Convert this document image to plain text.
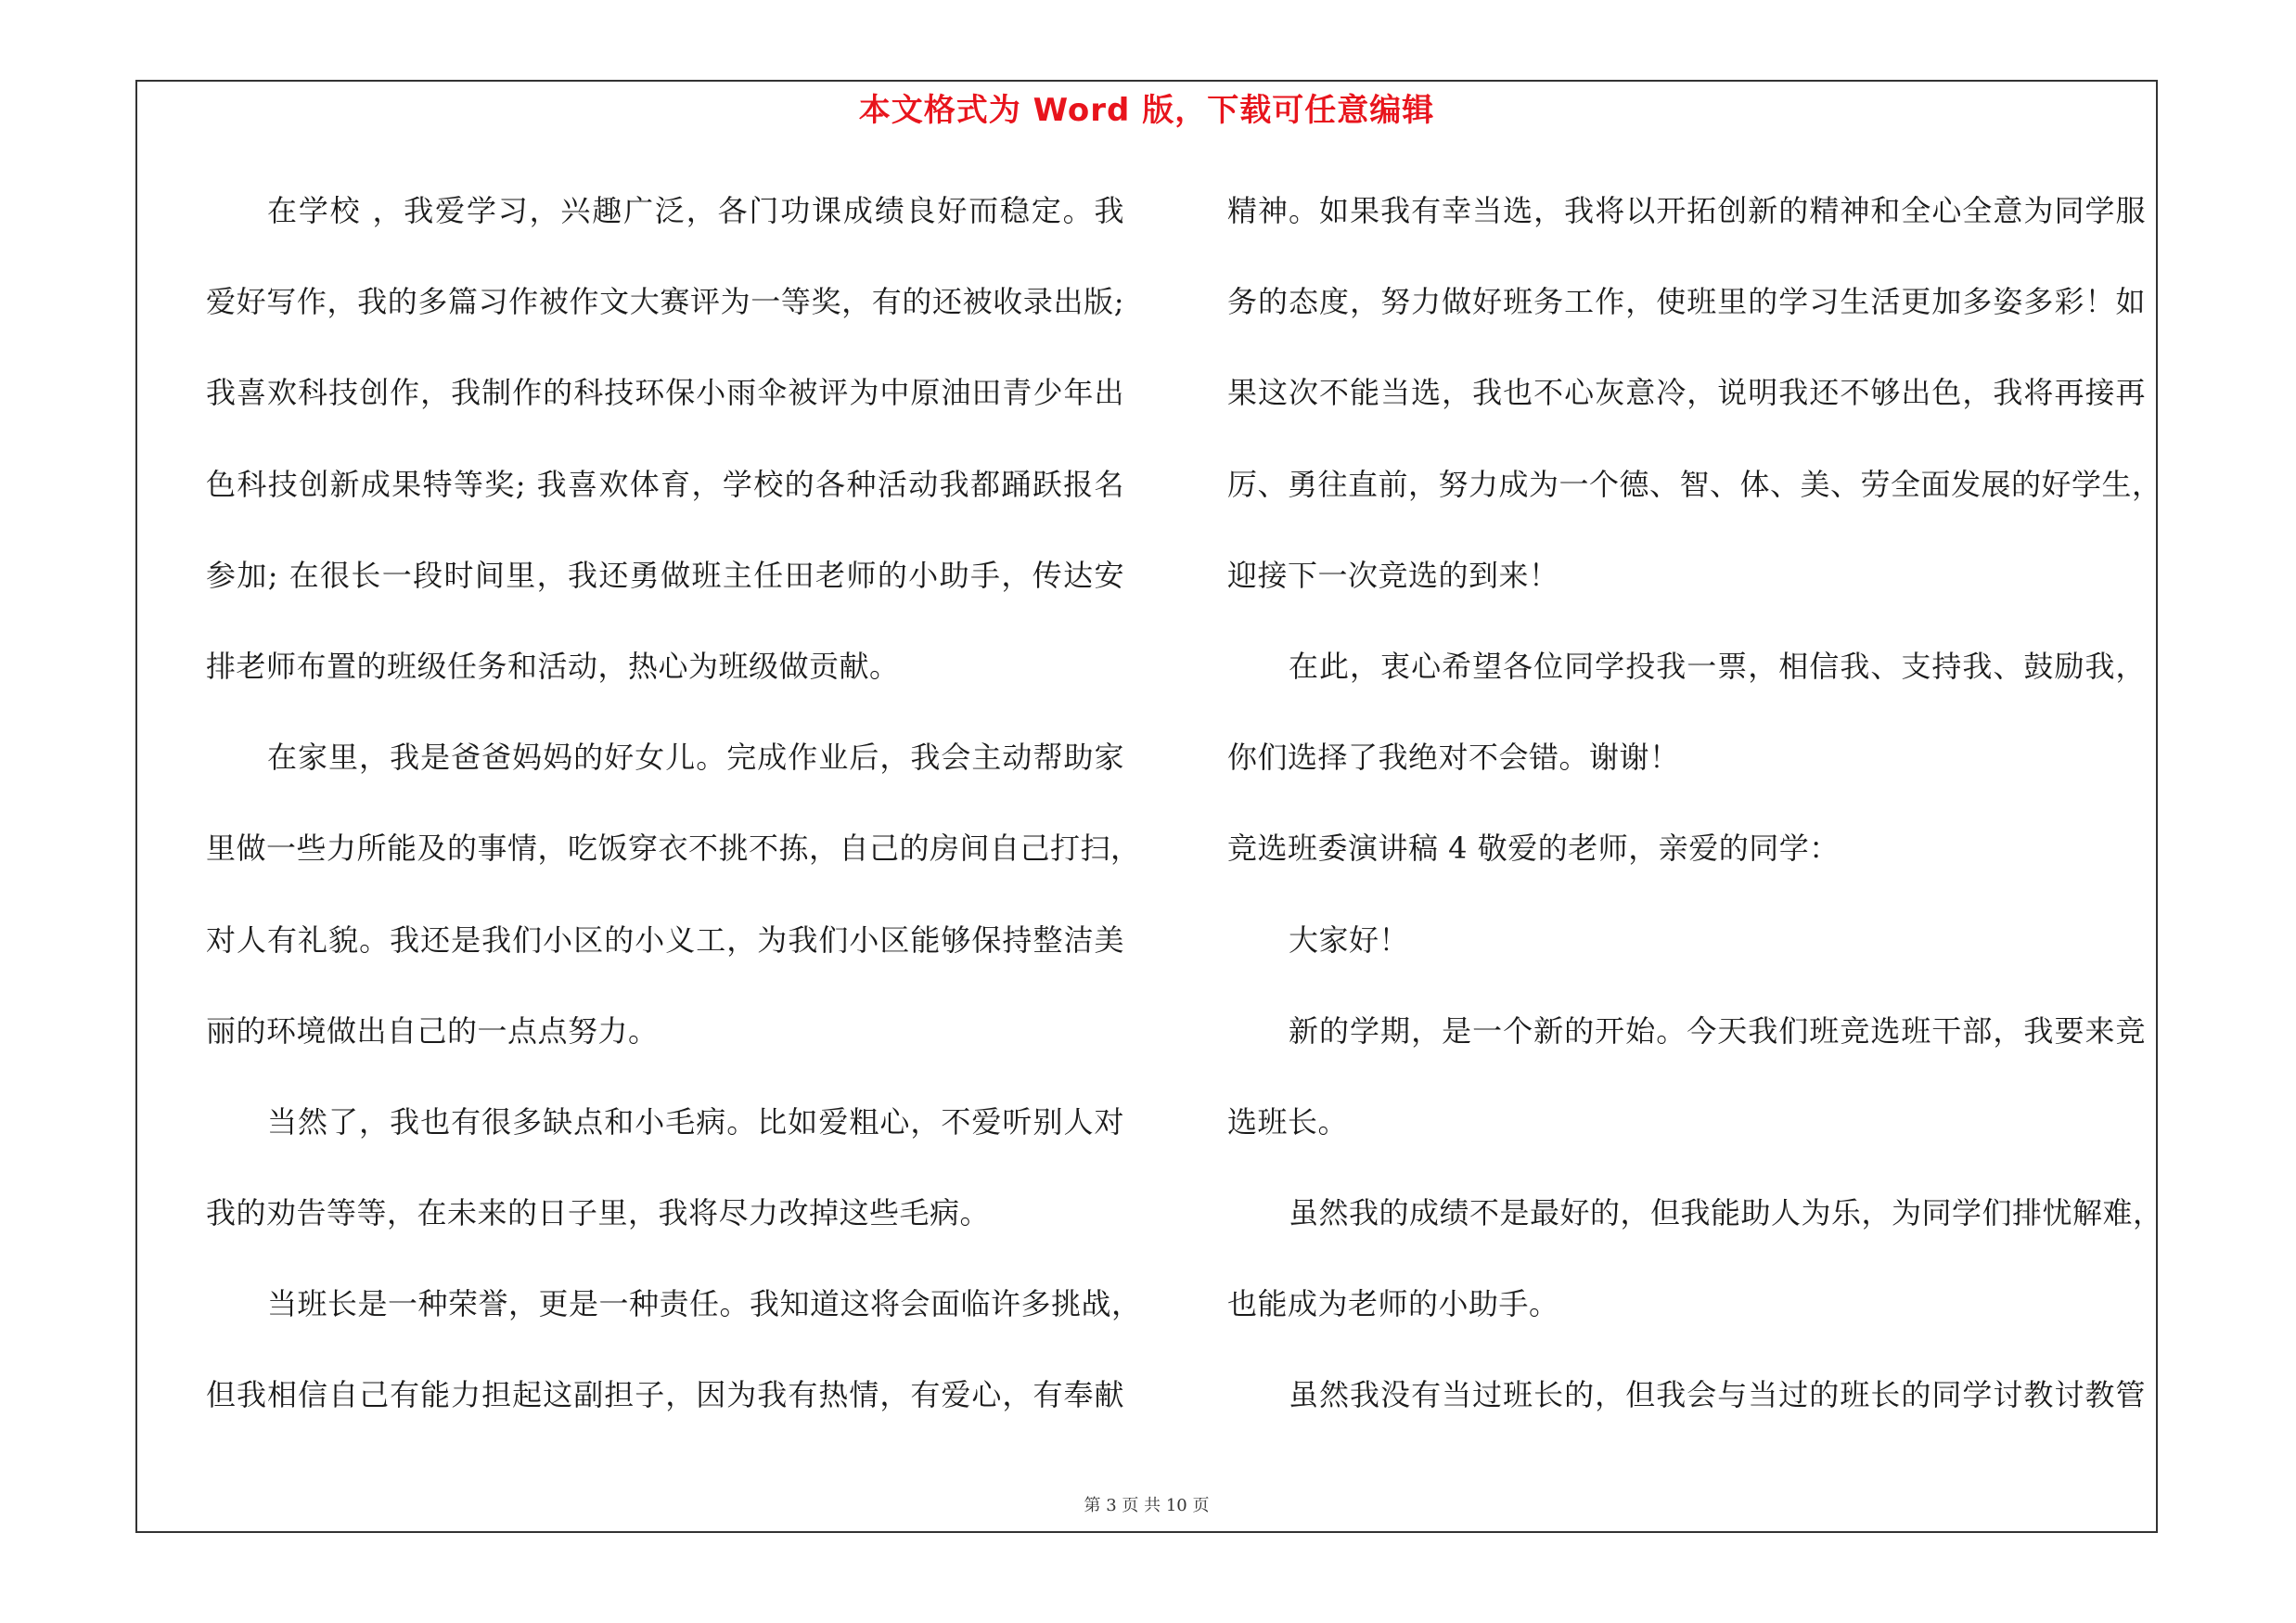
本文格式为 Word 版，下载可任意编辑
在学校 ，我爱学习，兴趣广泛，各门功课成绩良好而稳定。我
爱好写作，我的多篇习作被作文大赛评为一等奖，有的还被收录出版;
我喜欢科技创作，我制作的科技环保小雨伞被评为中原油田青少年出
色科技创新成果特等奖; 我喜欢体育，学校的各种活动我都踊跃报名
参加; 在很长一段时间里，我还勇做班主任田老师的小助手，传达安
排老师布置的班级任务和活动，热心为班级做贡献。
在家里，我是爸爸妈妈的好女儿。完成作业后，我会主动帮助家
里做一些力所能及的事情，吃饭穿衣不挑不拣，自己的房间自己打扫，
对人有礼貌。我还是我们小区的小义工，为我们小区能够保持整洁美
丽的环境做出自己的一点点努力。
当然了，我也有很多缺点和小毛病。比如爱粗心，不爱听别人对
我的劝告等等，在未来的日子里，我将尽力改掉这些毛病。
当班长是一种荣誉，更是一种责任。我知道这将会面临许多挑战，
但我相信自己有能力担起这副担子，因为我有热情，有爱心，有奉献
精神。如果我有幸当选，我将以开拓创新的精神和全心全意为同学服
务的态度，努力做好班务工作，使班里的学习生活更加多姿多彩！如
果这次不能当选，我也不心灰意冷，说明我还不够出色，我将再接再
厉、勇往直前，努力成为一个德、智、体、美、劳全面发展的好学生，
迎接下一次竞选的到来！
在此，衷心希望各位同学投我一票，相信我、支持我、鼓励我，
你们选择了我绝对不会错。谢谢！
竞选班委演讲稿 4 敬爱的老师，亲爱的同学：
大家好！
新的学期，是一个新的开始。今天我们班竞选班干部，我要来竞
选班长。
虽然我的成绩不是最好的，但我能助人为乐，为同学们排忧解难，
也能成为老师的小助手。
虽然我没有当过班长的，但我会与当过的班长的同学讨教讨教管
第 3 页 共 10 页
